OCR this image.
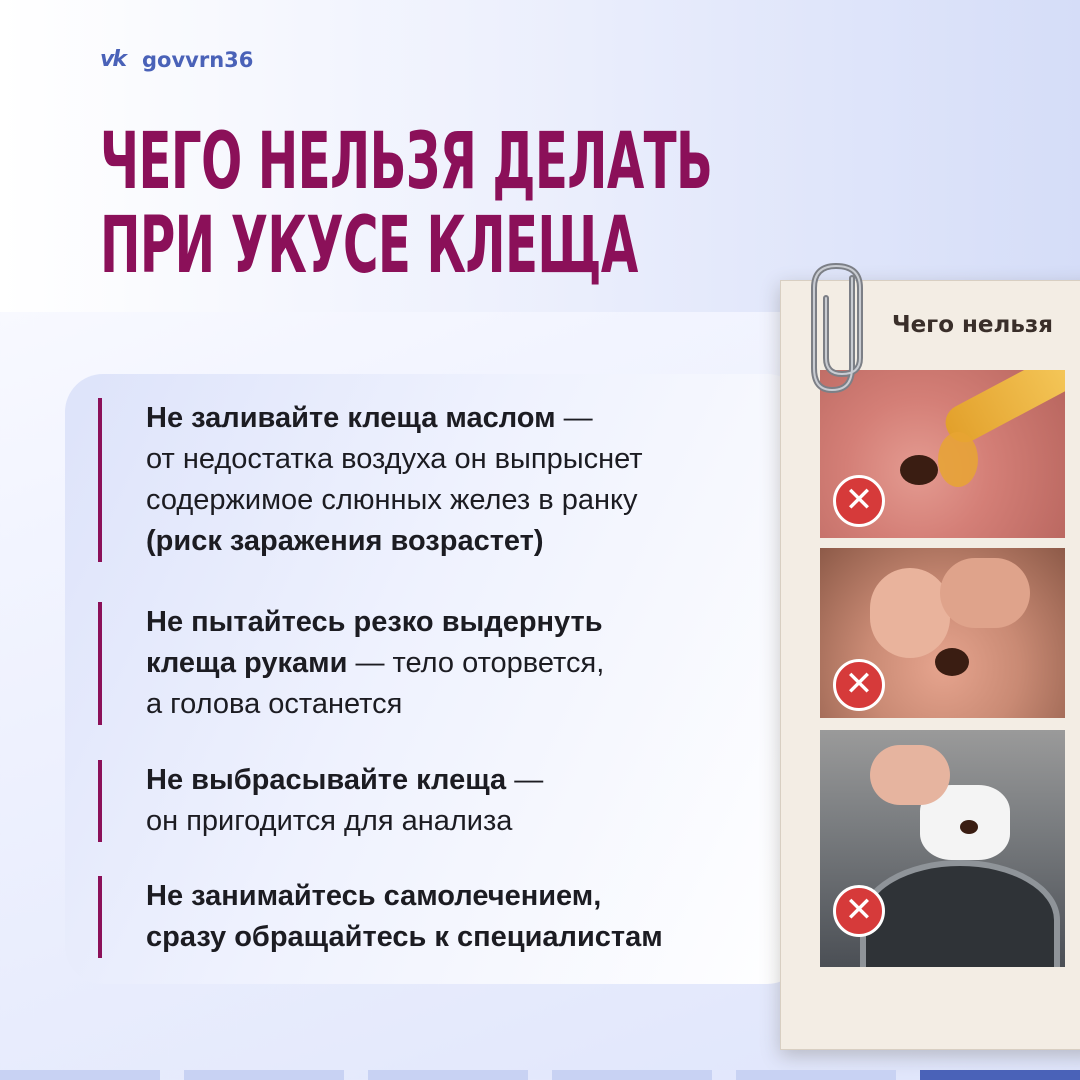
vk govvrn36
ЧЕГО НЕЛЬЗЯ ДЕЛАТЬ
ПРИ УКУСЕ КЛЕЩА
Не заливайте клеща маслом —
от недостатка воздуха он выпрыснет
содержимое слюнных желез в ранку
(риск заражения возрастет)
Не пытайтесь резко выдернуть
клеща руками — тело оторвется,
а голова останется
Не выбрасывайте клеща —
он пригодится для анализа
Не занимайтесь самолечением,
сразу обращайтесь к специалистам
Чего нельзя
✕
✕
✕
